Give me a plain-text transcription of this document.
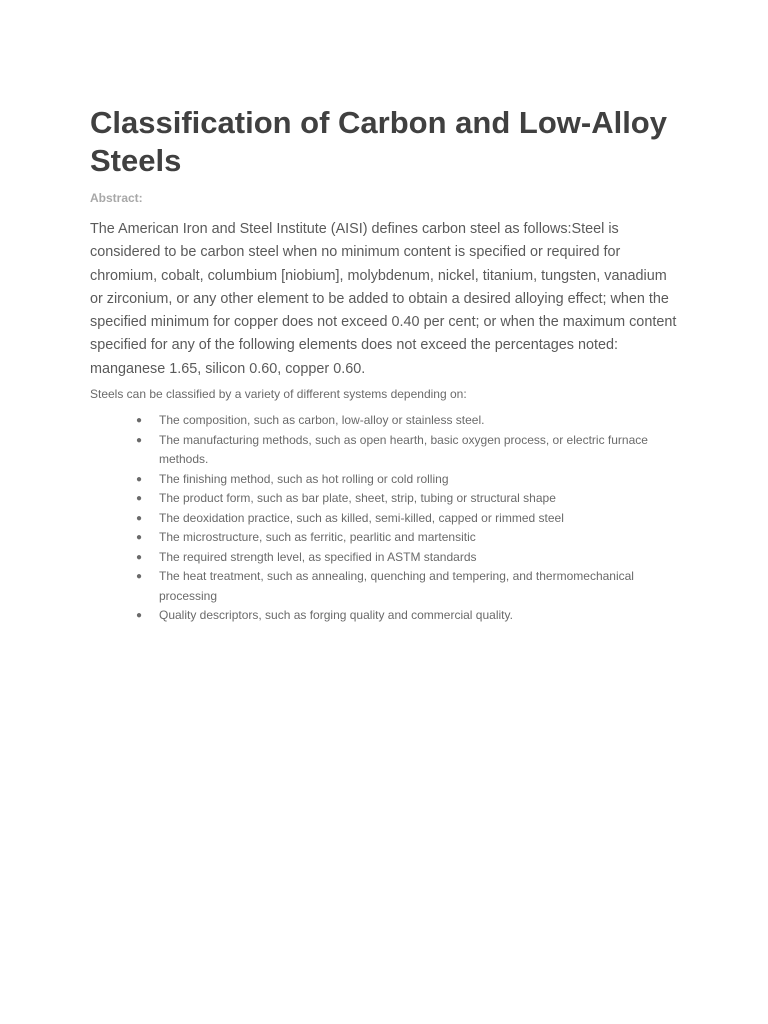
Classification of Carbon and Low-Alloy Steels
Abstract:

The American Iron and Steel Institute (AISI) defines carbon steel as follows:Steel is considered to be carbon steel when no minimum content is specified or required for chromium, cobalt, columbium [niobium], molybdenum, nickel, titanium, tungsten, vanadium or zirconium, or any other element to be added to obtain a desired alloying effect; when the specified minimum for copper does not exceed 0.40 per cent; or when the maximum content specified for any of the following elements does not exceed the percentages noted: manganese 1.65, silicon 0.60, copper 0.60.

Steels can be classified by a variety of different systems depending on:

● The composition, such as carbon, low-alloy or stainless steel.
● The manufacturing methods, such as open hearth, basic oxygen process, or electric furnace methods.
● The finishing method, such as hot rolling or cold rolling
● The product form, such as bar plate, sheet, strip, tubing or structural shape
● The deoxidation practice, such as killed, semi-killed, capped or rimmed steel
● The microstructure, such as ferritic, pearlitic and martensitic
● The required strength level, as specified in ASTM standards
● The heat treatment, such as annealing, quenching and tempering, and thermomechanical processing
● Quality descriptors, such as forging quality and commercial quality.
